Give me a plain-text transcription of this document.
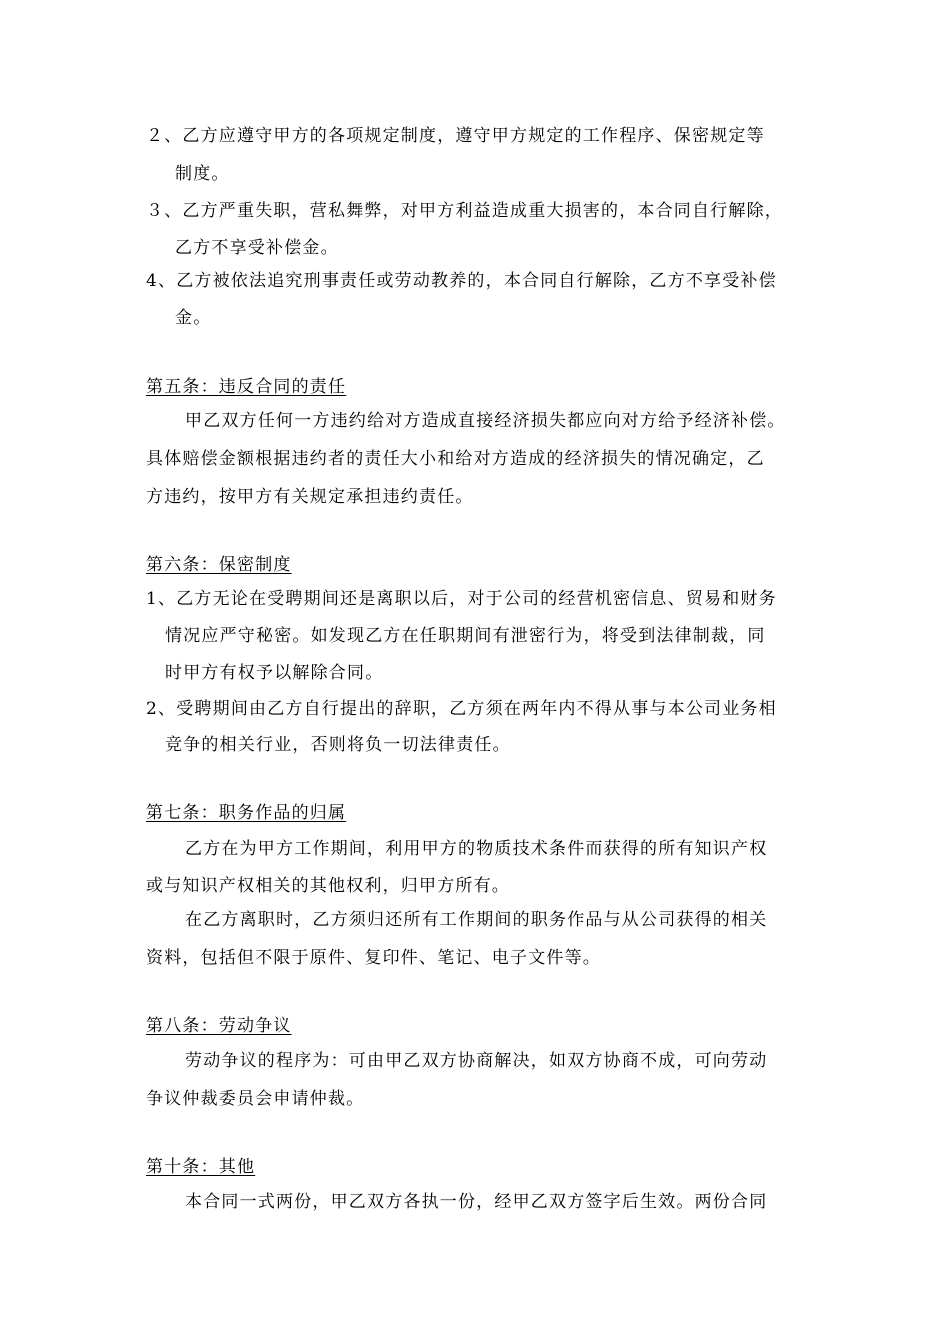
２、乙方应遵守甲方的各项规定制度，遵守甲方规定的工作程序、保密规定等
制度。
３、乙方严重失职，营私舞弊，对甲方利益造成重大损害的，本合同自行解除，
乙方不享受补偿金。
4、乙方被依法追究刑事责任或劳动教养的，本合同自行解除，乙方不享受补偿
金。
第五条：违反合同的责任
甲乙双方任何一方违约给对方造成直接经济损失都应向对方给予经济补偿。
具体赔偿金额根据违约者的责任大小和给对方造成的经济损失的情况确定，乙
方违约，按甲方有关规定承担违约责任。
第六条：保密制度
1、乙方无论在受聘期间还是离职以后，对于公司的经营机密信息、贸易和财务
情况应严守秘密。如发现乙方在任职期间有泄密行为，将受到法律制裁，同
时甲方有权予以解除合同。
2、受聘期间由乙方自行提出的辞职，乙方须在两年内不得从事与本公司业务相
竞争的相关行业，否则将负一切法律责任。
第七条：职务作品的归属
乙方在为甲方工作期间，利用甲方的物质技术条件而获得的所有知识产权
或与知识产权相关的其他权利，归甲方所有。
在乙方离职时，乙方须归还所有工作期间的职务作品与从公司获得的相关
资料，包括但不限于原件、复印件、笔记、电子文件等。
第八条：劳动争议
劳动争议的程序为：可由甲乙双方协商解决，如双方协商不成，可向劳动
争议仲裁委员会申请仲裁。
第十条：其他
本合同一式两份，甲乙双方各执一份，经甲乙双方签字后生效。两份合同
